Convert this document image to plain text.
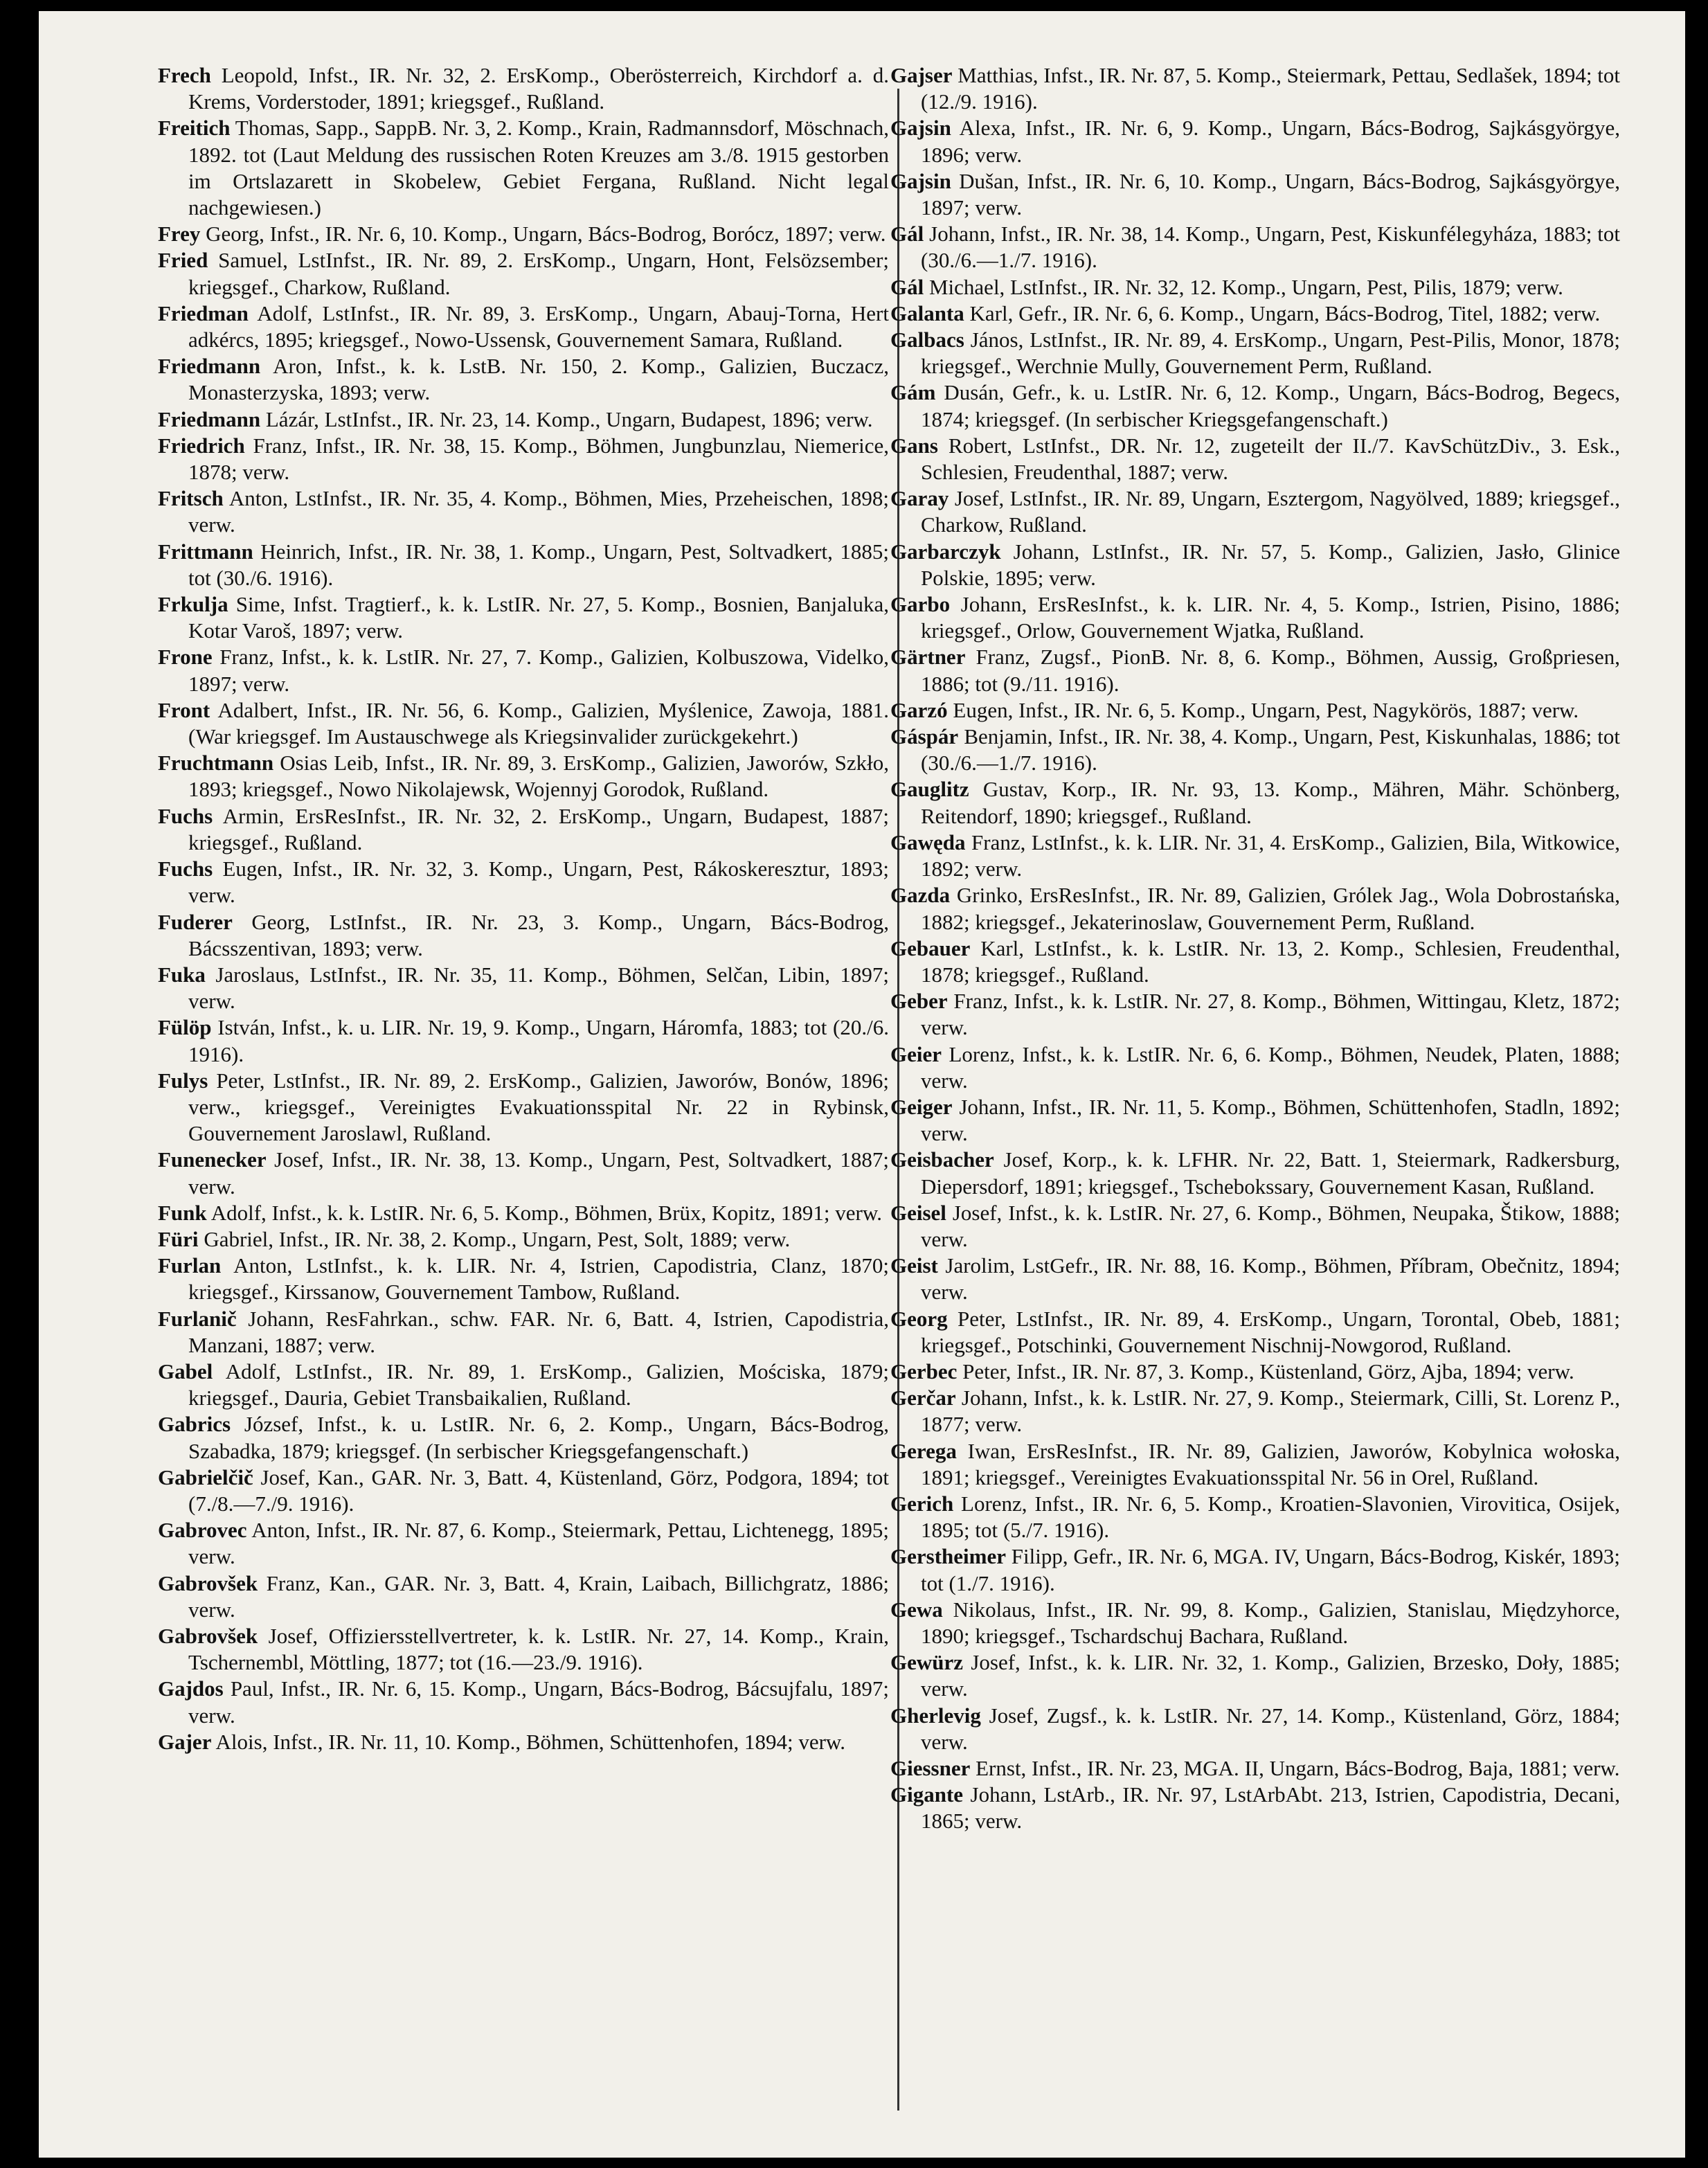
Frech Leopold, Infst., IR. Nr. 32, 2. ErsKomp., Oberösterreich, Kirchdorf a. d. Krems, Vorderstoder, 1891; kriegsgef., Rußland.

Freitich Thomas, Sapp., SappB. Nr. 3, 2. Komp., Krain, Radmannsdorf, Möschnach, 1892. tot (Laut Meldung des russischen Roten Kreuzes am 3./8. 1915 gestorben im Ortslazarett in Skobelew, Gebiet Fergana, Rußland. Nicht legal nachgewiesen.)

Frey Georg, Infst., IR. Nr. 6, 10. Komp., Ungarn, Bács-Bodrog, Borócz, 1897; verw.

Fried Samuel, LstInfst., IR. Nr. 89, 2. ErsKomp., Ungarn, Hont, Felsözsember; kriegsgef., Charkow, Rußland.

Friedman Adolf, LstInfst., IR. Nr. 89, 3. ErsKomp., Ungarn, Abauj-Torna, Hert adkércs, 1895; kriegsgef., Nowo-Ussensk, Gouvernement Samara, Rußland.

Friedmann Aron, Infst., k. k. LstB. Nr. 150, 2. Komp., Galizien, Buczacz, Monasterzyska, 1893; verw.

Friedmann Lázár, LstInfst., IR. Nr. 23, 14. Komp., Ungarn, Budapest, 1896; verw.

Friedrich Franz, Infst., IR. Nr. 38, 15. Komp., Böhmen, Jungbunzlau, Niemerice, 1878; verw.

Fritsch Anton, LstInfst., IR. Nr. 35, 4. Komp., Böhmen, Mies, Przeheischen, 1898; verw.

Frittmann Heinrich, Infst., IR. Nr. 38, 1. Komp., Ungarn, Pest, Soltvadkert, 1885; tot (30./6. 1916).

Frkulja Sime, Infst. Tragtierf., k. k. LstIR. Nr. 27, 5. Komp., Bosnien, Banjaluka, Kotar Varoš, 1897; verw.

Frone Franz, Infst., k. k. LstIR. Nr. 27, 7. Komp., Galizien, Kolbuszowa, Videlko, 1897; verw.

Front Adalbert, Infst., IR. Nr. 56, 6. Komp., Galizien, Myślenice, Zawoja, 1881. (War kriegsgef. Im Austauschwege als Kriegsinvalider zurückgekehrt.)

Fruchtmann Osias Leib, Infst., IR. Nr. 89, 3. ErsKomp., Galizien, Jaworów, Szkło, 1893; kriegsgef., Nowo Nikolajewsk, Wojennyj Gorodok, Rußland.

Fuchs Armin, ErsResInfst., IR. Nr. 32, 2. ErsKomp., Ungarn, Budapest, 1887; kriegsgef., Rußland.

Fuchs Eugen, Infst., IR. Nr. 32, 3. Komp., Ungarn, Pest, Rákoskeresztur, 1893; verw.

Fuderer Georg, LstInfst., IR. Nr. 23, 3. Komp., Ungarn, Bács-Bodrog, Bácsszentivan, 1893; verw.

Fuka Jaroslaus, LstInfst., IR. Nr. 35, 11. Komp., Böhmen, Selčan, Libin, 1897; verw.

Fülöp István, Infst., k. u. LIR. Nr. 19, 9. Komp., Ungarn, Háromfa, 1883; tot (20./6. 1916).

Fulys Peter, LstInfst., IR. Nr. 89, 2. ErsKomp., Galizien, Jaworów, Bonów, 1896; verw., kriegsgef., Vereinigtes Evakuationsspital Nr. 22 in Rybinsk, Gouvernement Jaroslawl, Rußland.

Funenecker Josef, Infst., IR. Nr. 38, 13. Komp., Ungarn, Pest, Soltvadkert, 1887; verw.

Funk Adolf, Infst., k. k. LstIR. Nr. 6, 5. Komp., Böhmen, Brüx, Kopitz, 1891; verw.

Füri Gabriel, Infst., IR. Nr. 38, 2. Komp., Ungarn, Pest, Solt, 1889; verw.

Furlan Anton, LstInfst., k. k. LIR. Nr. 4, Istrien, Capodistria, Clanz, 1870; kriegsgef., Kirssanow, Gouvernement Tambow, Rußland.

Furlanič Johann, ResFahrkan., schw. FAR. Nr. 6, Batt. 4, Istrien, Capodistria, Manzani, 1887; verw.

Gabel Adolf, LstInfst., IR. Nr. 89, 1. ErsKomp., Galizien, Mościska, 1879; kriegsgef., Dauria, Gebiet Transbaikalien, Rußland.

Gabrics József, Infst., k. u. LstIR. Nr. 6, 2. Komp., Ungarn, Bács-Bodrog, Szabadka, 1879; kriegsgef. (In serbischer Kriegsgefangenschaft.)

Gabrielčič Josef, Kan., GAR. Nr. 3, Batt. 4, Küstenland, Görz, Podgora, 1894; tot (7./8.—7./9. 1916).

Gabrovec Anton, Infst., IR. Nr. 87, 6. Komp., Steiermark, Pettau, Lichtenegg, 1895; verw.

Gabrovšek Franz, Kan., GAR. Nr. 3, Batt. 4, Krain, Laibach, Billichgratz, 1886; verw.

Gabrovšek Josef, Offiziersstellvertreter, k. k. LstIR. Nr. 27, 14. Komp., Krain, Tschernembl, Möttling, 1877; tot (16.—23./9. 1916).

Gajdos Paul, Infst., IR. Nr. 6, 15. Komp., Ungarn, Bács-Bodrog, Bácsujfalu, 1897; verw.

Gajer Alois, Infst., IR. Nr. 11, 10. Komp., Böhmen, Schüttenhofen, 1894; verw.

Gajser Matthias, Infst., IR. Nr. 87, 5. Komp., Steiermark, Pettau, Sedlašek, 1894; tot (12./9. 1916).

Gajsin Alexa, Infst., IR. Nr. 6, 9. Komp., Ungarn, Bács-Bodrog, Sajkásgyörgye, 1896; verw.

Gajsin Dušan, Infst., IR. Nr. 6, 10. Komp., Ungarn, Bács-Bodrog, Sajkásgyörgye, 1897; verw.

Gál Johann, Infst., IR. Nr. 38, 14. Komp., Ungarn, Pest, Kiskunfélegyháza, 1883; tot (30./6.—1./7. 1916).

Gál Michael, LstInfst., IR. Nr. 32, 12. Komp., Ungarn, Pest, Pilis, 1879; verw.

Galanta Karl, Gefr., IR. Nr. 6, 6. Komp., Ungarn, Bács-Bodrog, Titel, 1882; verw.

Galbacs János, LstInfst., IR. Nr. 89, 4. ErsKomp., Ungarn, Pest-Pilis, Monor, 1878; kriegsgef., Werchnie Mully, Gouvernement Perm, Rußland.

Gám Dusán, Gefr., k. u. LstIR. Nr. 6, 12. Komp., Ungarn, Bács-Bodrog, Begecs, 1874; kriegsgef. (In serbischer Kriegsgefangenschaft.)

Gans Robert, LstInfst., DR. Nr. 12, zugeteilt der II./7. KavSchützDiv., 3. Esk., Schlesien, Freudenthal, 1887; verw.

Garay Josef, LstInfst., IR. Nr. 89, Ungarn, Esztergom, Nagyölved, 1889; kriegsgef., Charkow, Rußland.

Garbarczyk Johann, LstInfst., IR. Nr. 57, 5. Komp., Galizien, Jasło, Glinice Polskie, 1895; verw.

Garbo Johann, ErsResInfst., k. k. LIR. Nr. 4, 5. Komp., Istrien, Pisino, 1886; kriegsgef., Orlow, Gouvernement Wjatka, Rußland.

Gärtner Franz, Zugsf., PionB. Nr. 8, 6. Komp., Böhmen, Aussig, Großpriesen, 1886; tot (9./11. 1916).

Garzó Eugen, Infst., IR. Nr. 6, 5. Komp., Ungarn, Pest, Nagykörös, 1887; verw.

Gáspár Benjamin, Infst., IR. Nr. 38, 4. Komp., Ungarn, Pest, Kiskunhalas, 1886; tot (30./6.—1./7. 1916).

Gauglitz Gustav, Korp., IR. Nr. 93, 13. Komp., Mähren, Mähr. Schönberg, Reitendorf, 1890; kriegsgef., Rußland.

Gawęda Franz, LstInfst., k. k. LIR. Nr. 31, 4. ErsKomp., Galizien, Bila, Witkowice, 1892; verw.

Gazda Grinko, ErsResInfst., IR. Nr. 89, Galizien, Grólek Jag., Wola Dobrostańska, 1882; kriegsgef., Jekaterinoslaw, Gouvernement Perm, Rußland.

Gebauer Karl, LstInfst., k. k. LstIR. Nr. 13, 2. Komp., Schlesien, Freudenthal, 1878; kriegsgef., Rußland.

Geber Franz, Infst., k. k. LstIR. Nr. 27, 8. Komp., Böhmen, Wittingau, Kletz, 1872; verw.

Geier Lorenz, Infst., k. k. LstIR. Nr. 6, 6. Komp., Böhmen, Neudek, Platen, 1888; verw.

Geiger Johann, Infst., IR. Nr. 11, 5. Komp., Böhmen, Schüttenhofen, Stadln, 1892; verw.

Geisbacher Josef, Korp., k. k. LFHR. Nr. 22, Batt. 1, Steiermark, Radkersburg, Diepersdorf, 1891; kriegsgef., Tschebokssary, Gouvernement Kasan, Rußland.

Geisel Josef, Infst., k. k. LstIR. Nr. 27, 6. Komp., Böhmen, Neupaka, Štikow, 1888; verw.

Geist Jarolim, LstGefr., IR. Nr. 88, 16. Komp., Böhmen, Příbram, Obečnitz, 1894; verw.

Georg Peter, LstInfst., IR. Nr. 89, 4. ErsKomp., Ungarn, Torontal, Obeb, 1881; kriegsgef., Potschinki, Gouvernement Nischnij-Nowgorod, Rußland.

Gerbec Peter, Infst., IR. Nr. 87, 3. Komp., Küstenland, Görz, Ajba, 1894; verw.

Gerčar Johann, Infst., k. k. LstIR. Nr. 27, 9. Komp., Steiermark, Cilli, St. Lorenz P., 1877; verw.

Gerega Iwan, ErsResInfst., IR. Nr. 89, Galizien, Jaworów, Kobylnica wołoska, 1891; kriegsgef., Vereinigtes Evakuationsspital Nr. 56 in Orel, Rußland.

Gerich Lorenz, Infst., IR. Nr. 6, 5. Komp., Kroatien-Slavonien, Virovitica, Osijek, 1895; tot (5./7. 1916).

Gerstheimer Filipp, Gefr., IR. Nr. 6, MGA. IV, Ungarn, Bács-Bodrog, Kiskér, 1893; tot (1./7. 1916).

Gewa Nikolaus, Infst., IR. Nr. 99, 8. Komp., Galizien, Stanislau, Międzyhorce, 1890; kriegsgef., Tschardschuj Bachara, Rußland.

Gewürz Josef, Infst., k. k. LIR. Nr. 32, 1. Komp., Galizien, Brzesko, Doły, 1885; verw.

Gherlevig Josef, Zugsf., k. k. LstIR. Nr. 27, 14. Komp., Küstenland, Görz, 1884; verw.

Giessner Ernst, Infst., IR. Nr. 23, MGA. II, Ungarn, Bács-Bodrog, Baja, 1881; verw.

Gigante Johann, LstArb., IR. Nr. 97, LstArbAbt. 213, Istrien, Capodistria, Decani, 1865; verw.
